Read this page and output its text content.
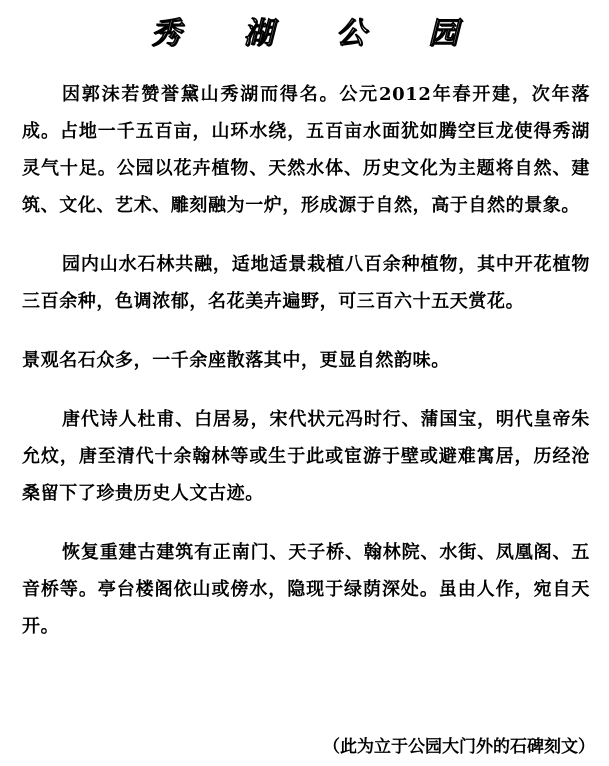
秀 湖 公 园

因郭沫若赞誉黛山秀湖而得名。公元2012年春开建，次年落成。占地一千五百亩，山环水绕，五百亩水面犹如腾空巨龙使得秀湖灵气十足。公园以花卉植物、天然水体、历史文化为主题将自然、建筑、文化、艺术、雕刻融为一炉，形成源于自然，高于自然的景象。

园内山水石林共融，适地适景栽植八百余种植物，其中开花植物三百余种，色调浓郁，名花美卉遍野，可三百六十五天赏花。

景观名石众多，一千余座散落其中，更显自然韵味。

唐代诗人杜甫、白居易，宋代状元冯时行、蒲国宝，明代皇帝朱允炆，唐至清代十余翰林等或生于此或宦游于壁或避难寓居，历经沧桑留下了珍贵历史人文古迹。

恢复重建古建筑有正南门、天子桥、翰林院、水街、凤凰阁、五音桥等。亭台楼阁依山或傍水，隐现于绿荫深处。虽由人作，宛自天开。

（此为立于公园大门外的石碑刻文）
